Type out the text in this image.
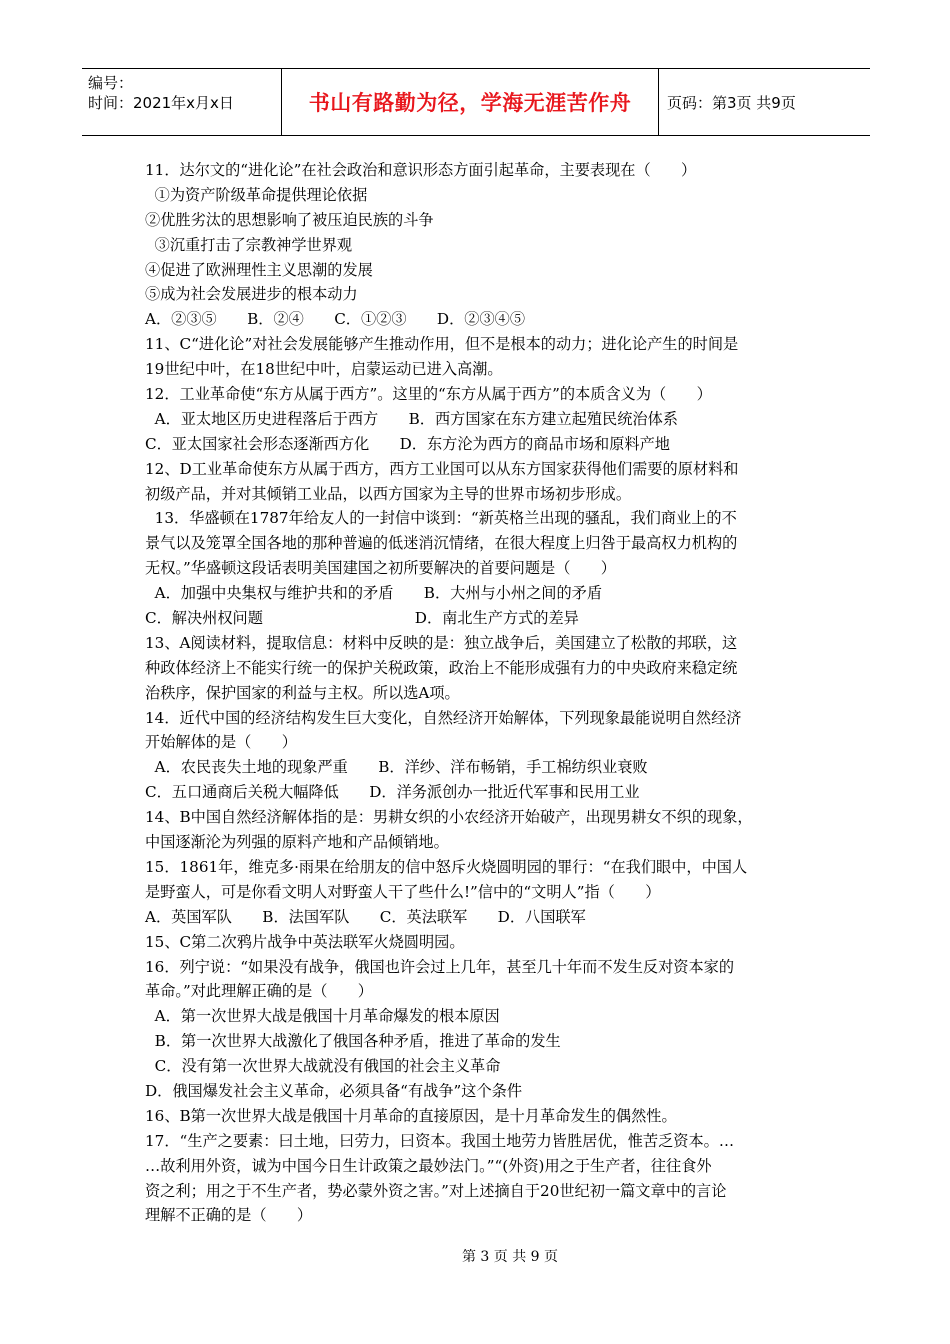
编号：
时间：2021年x月x日	书山有路勤为径，学海无涯苦作舟 页码：第3页 共9页
11．达尔文的“进化论”在社会政治和意识形态方面引起革命，主要表现在（　　）
①为资产阶级革命提供理论依据
②优胜劣汰的思想影响了被压迫民族的斗争
③沉重打击了宗教神学世界观
④促进了欧洲理性主义思潮的发展
⑤成为社会发展进步的根本动力
A．②③⑤　　B．②④　　C．①②③　　D．②③④⑤
11、C“进化论”对社会发展能够产生推动作用，但不是根本的动力；进化论产生的时间是
19世纪中叶，在18世纪中叶，启蒙运动已进入高潮。
12．工业革命使“东方从属于西方”。这里的“东方从属于西方”的本质含义为（　　）
A．亚太地区历史进程落后于西方　　B．西方国家在东方建立起殖民统治体系
C．亚太国家社会形态逐渐西方化　　D．东方沦为西方的商品市场和原料产地
12、D工业革命使东方从属于西方，西方工业国可以从东方国家获得他们需要的原材料和
初级产品，并对其倾销工业品，以西方国家为主导的世界市场初步形成。
13．华盛顿在1787年给友人的一封信中谈到：“新英格兰出现的骚乱，我们商业上的不
景气以及笼罩全国各地的那种普遍的低迷消沉情绪，在很大程度上归咎于最高权力机构的
无权。”华盛顿这段话表明美国建国之初所要解决的首要问题是（　　）
A．加强中央集权与维护共和的矛盾　　B．大州与小州之间的矛盾
C．解决州权问题　　　　　　　　　　D．南北生产方式的差异
13、A阅读材料，提取信息：材料中反映的是：独立战争后，美国建立了松散的邦联，这
种政体经济上不能实行统一的保护关税政策，政治上不能形成强有力的中央政府来稳定统
治秩序，保护国家的利益与主权。所以选A项。
14．近代中国的经济结构发生巨大变化，自然经济开始解体，下列现象最能说明自然经济
开始解体的是（　　）
A．农民丧失土地的现象严重　　B．洋纱、洋布畅销，手工棉纺织业衰败
C．五口通商后关税大幅降低　　D．洋务派创办一批近代军事和民用工业
14、B中国自然经济解体指的是：男耕女织的小农经济开始破产，出现男耕女不织的现象，
中国逐渐沦为列强的原料产地和产品倾销地。
15．1861年，维克多·雨果在给朋友的信中怒斥火烧圆明园的罪行：“在我们眼中，中国人
是野蛮人，可是你看文明人对野蛮人干了些什么!”信中的“文明人”指（　　）
A．英国军队　　B．法国军队　　C．英法联军　　D．八国联军
15、C第二次鸦片战争中英法联军火烧圆明园。
16．列宁说：“如果没有战争，俄国也许会过上几年，甚至几十年而不发生反对资本家的
革命。”对此理解正确的是（　　）
A．第一次世界大战是俄国十月革命爆发的根本原因
B．第一次世界大战激化了俄国各种矛盾，推进了革命的发生
C．没有第一次世界大战就没有俄国的社会主义革命
D．俄国爆发社会主义革命，必须具备“有战争”这个条件
16、B第一次世界大战是俄国十月革命的直接原因，是十月革命发生的偶然性。
17．“生产之要素：曰土地，曰劳力，曰资本。我国土地劳力皆胜居优，惟苦乏资本。…
…故利用外资，诚为中国今日生计政策之最妙法门。”“(外资)用之于生产者，往往食外
资之利；用之于不生产者，势必蒙外资之害。”对上述摘自于20世纪初一篇文章中的言论
理解不正确的是（　　）
第 3 页 共 9 页
